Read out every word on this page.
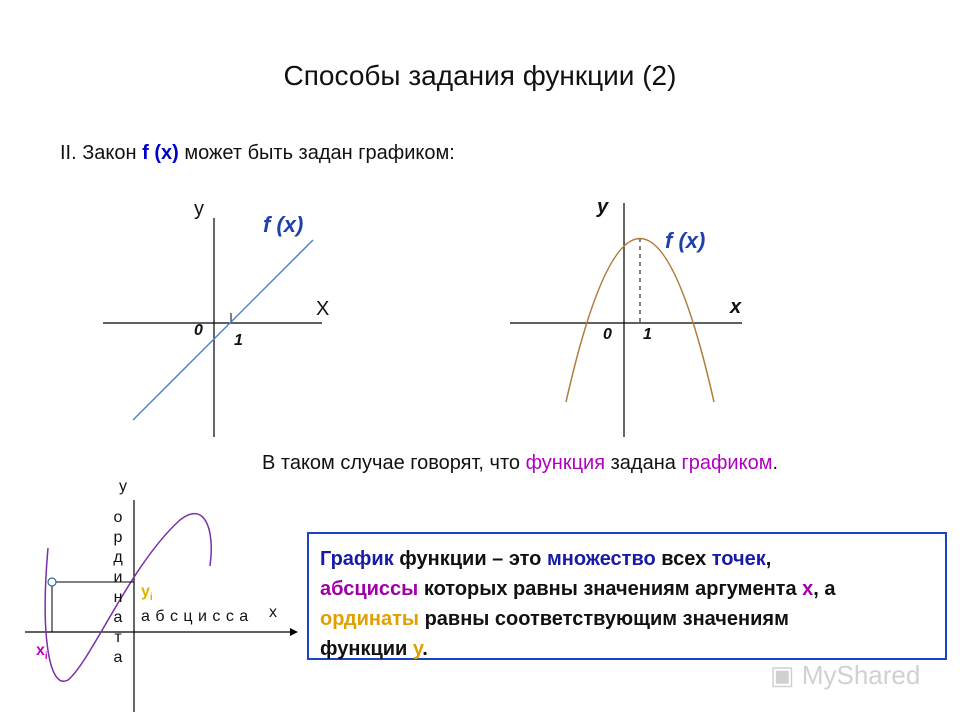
Способы задания функции (2)
II. Закон f (x) может быть задан графиком:
у
Х
f (x)
0
1
y
x
f (x)
0 1
В таком случае говорят, что функция задана графиком.
у
х
о
р
д
и
н
а
т
а
а б с ц и с с а
$x_i$
$y_i$
График функции – это множество всех точек,
абсциссы которых равны значениям аргумента х, а
ординаты равны соответствующим значениям
функции у.
▣ MyShared
